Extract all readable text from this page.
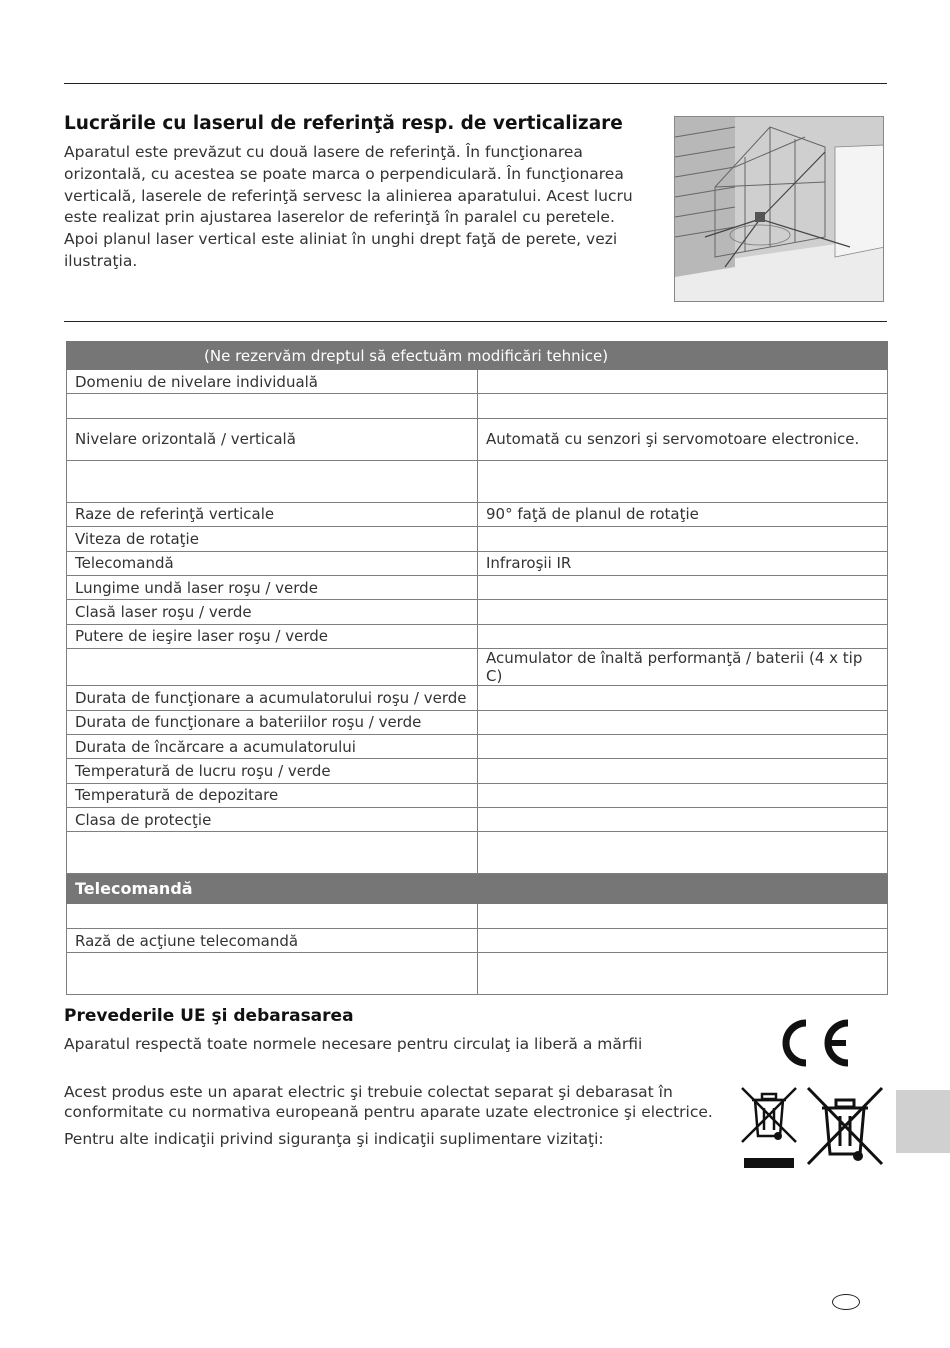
Lucrările cu laserul de referinţă resp. de verticalizare
Aparatul este prevăzut cu două lasere de referinţă. În funcţionarea
orizontală, cu acestea se poate marca o perpendiculară. În funcţionarea
verticală, laserele de referinţă servesc la alinierea aparatului. Acest lucru
este realizat prin ajustarea laserelor de referinţă în paralel cu peretele.
Apoi planul laser vertical este aliniat în unghi drept faţă de perete, vezi
ilustraţia.
(Ne rezervăm dreptul să efectuăm modificări tehnice)	
Domeniu de nivelare individuală	

Nivelare orizontală / verticală	Automată cu senzori şi servomotoare electronice.

Raze de referinţă verticale	90° faţă de planul de rotaţie
Viteza de rotaţie	
Telecomandă	Infraroşii IR
Lungime undă laser roşu / verde	
Clasă laser roşu / verde	
Putere de ieşire laser roşu / verde	
	Acumulator de înaltă performanţă / baterii (4 x tip C)
Durata de funcţionare a acumulatorului roşu / verde	
Durata de funcţionare a bateriilor roşu / verde	
Durata de încărcare a acumulatorului	
Temperatură de lucru roşu / verde	
Temperatură de depozitare	
Clasa de protecţie	

Telecomandă	

Rază de acţiune telecomandă	

Prevederile UE şi debarasarea

Aparatul respectă toate normele necesare pentru circulaţ ia liberă a mărfii

Acest produs este un aparat electric şi trebuie colectat separat şi debarasat în

conformitate cu normativa europeană pentru aparate uzate electronice şi electrice.

Pentru alte indicaţii privind siguranţa şi indicaţii suplimentare vizitaţi:
